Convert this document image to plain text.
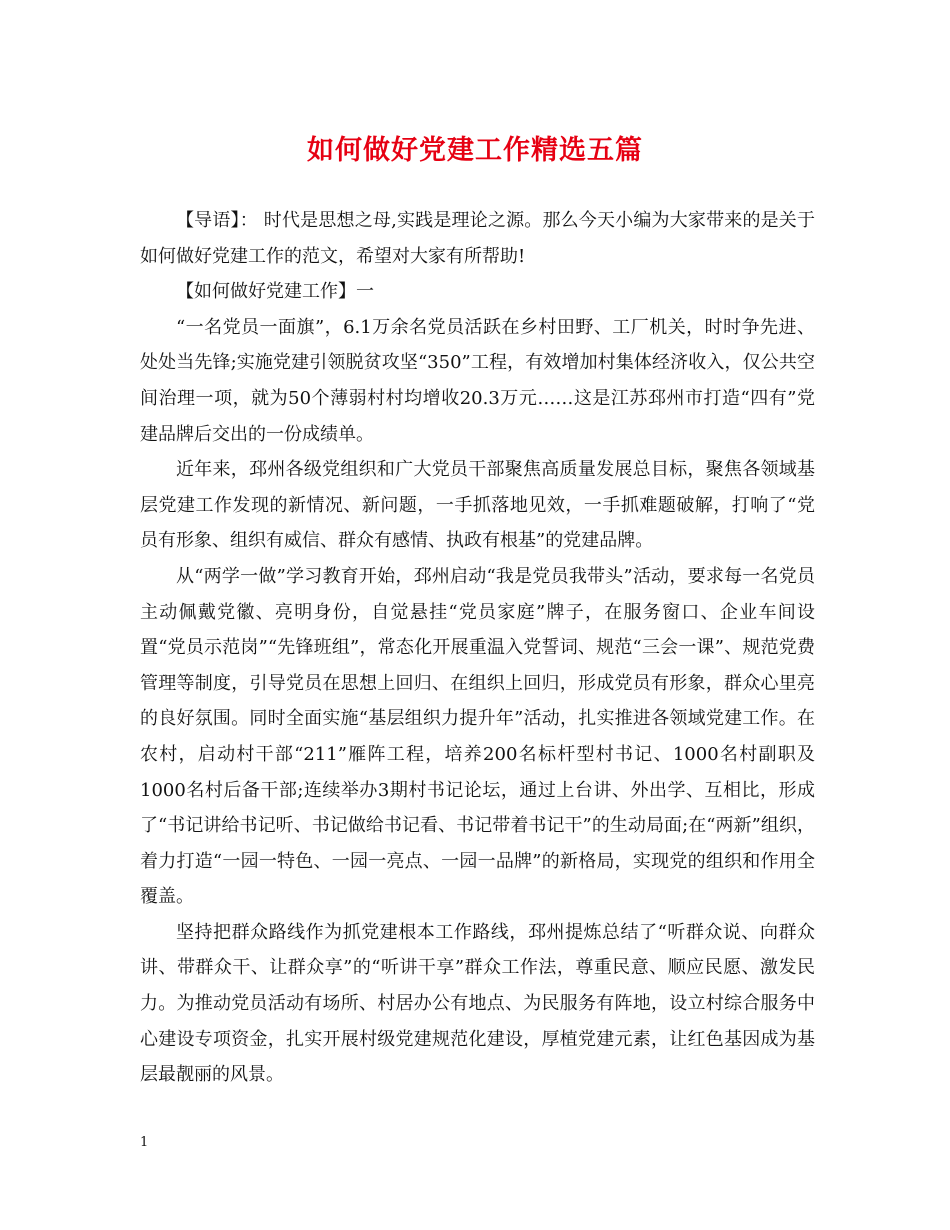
如何做好党建工作精选五篇

【导语】： 时代是思想之母,实践是理论之源。那么今天小编为大家带来的是关于如何做好党建工作的范文，希望对大家有所帮助!

【如何做好党建工作】一

“一名党员一面旗”，6.1万余名党员活跃在乡村田野、工厂机关，时时争先进、处处当先锋;实施党建引领脱贫攻坚“350”工程，有效增加村集体经济收入，仅公共空间治理一项，就为50个薄弱村村均增收20.3万元……这是江苏邳州市打造“四有”党建品牌后交出的一份成绩单。

近年来，邳州各级党组织和广大党员干部聚焦高质量发展总目标，聚焦各领域基层党建工作发现的新情况、新问题，一手抓落地见效，一手抓难题破解，打响了“党员有形象、组织有威信、群众有感情、执政有根基”的党建品牌。

从“两学一做”学习教育开始，邳州启动“我是党员我带头”活动，要求每一名党员主动佩戴党徽、亮明身份，自觉悬挂“党员家庭”牌子，在服务窗口、企业车间设置“党员示范岗”“先锋班组”，常态化开展重温入党誓词、规范“三会一课”、规范党费管理等制度，引导党员在思想上回归、在组织上回归，形成党员有形象，群众心里亮的良好氛围。同时全面实施“基层组织力提升年”活动，扎实推进各领域党建工作。在农村，启动村干部“211”雁阵工程，培养200名标杆型村书记、1000名村副职及1000名村后备干部;连续举办3期村书记论坛，通过上台讲、外出学、互相比，形成了“书记讲给书记听、书记做给书记看、书记带着书记干”的生动局面;在“两新”组织，着力打造“一园一特色、一园一亮点、一园一品牌”的新格局，实现党的组织和作用全覆盖。

坚持把群众路线作为抓党建根本工作路线，邳州提炼总结了“听群众说、向群众讲、带群众干、让群众享”的“听讲干享”群众工作法，尊重民意、顺应民愿、激发民力。为推动党员活动有场所、村居办公有地点、为民服务有阵地，设立村综合服务中心建设专项资金，扎实开展村级党建规范化建设，厚植党建元素，让红色基因成为基层最靓丽的风景。

1
